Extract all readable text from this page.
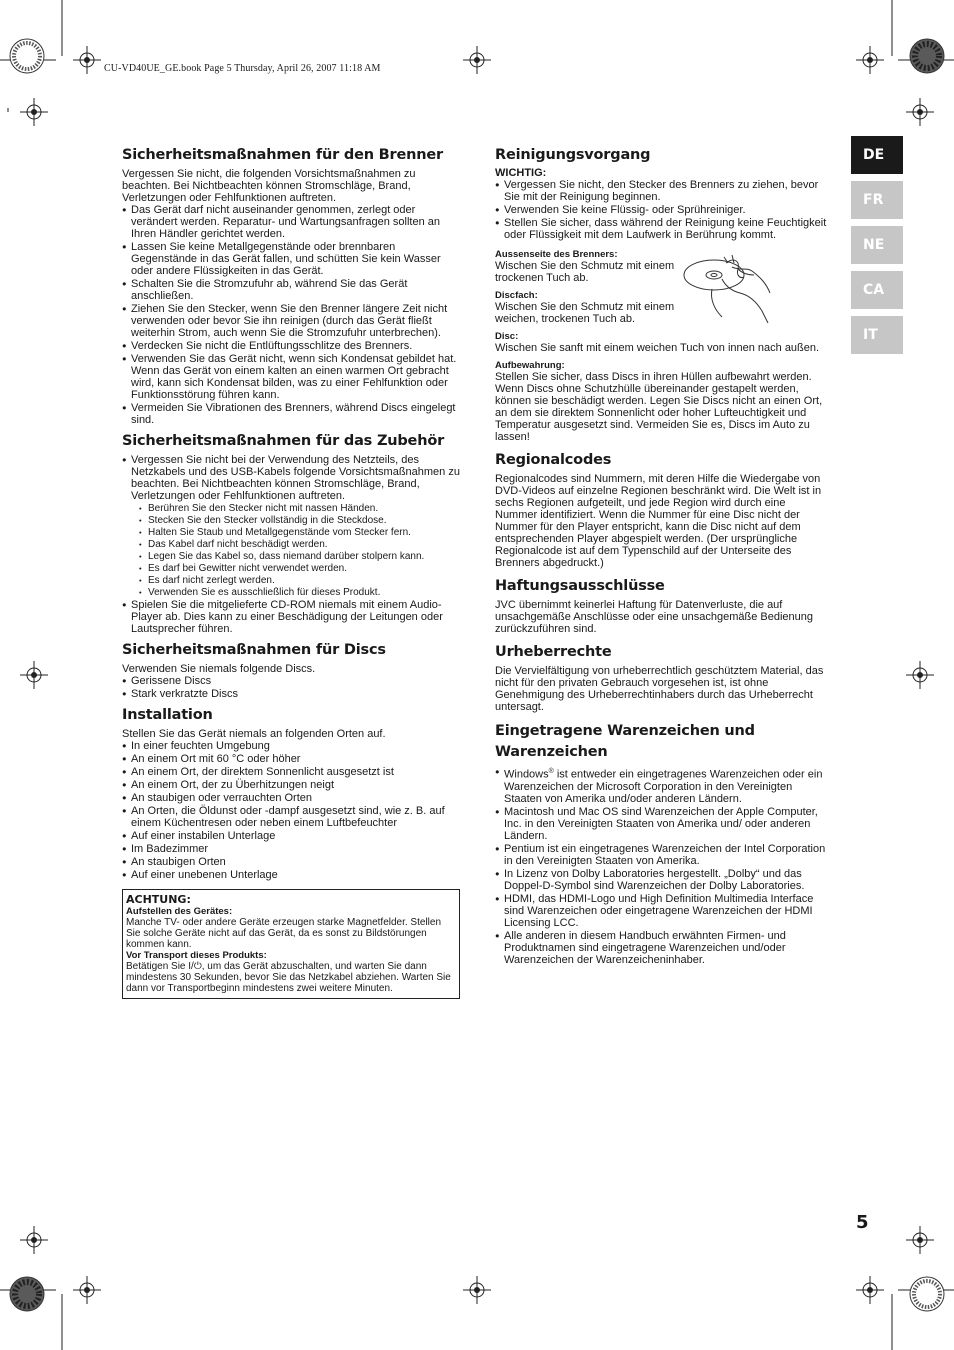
CU-VD40UE_GE.book Page 5 Thursday, April 26, 2007 11:18 AM
Sicherheitsmaßnahmen für den Brenner

Vergessen Sie nicht, die folgenden Vorsichtsmaßnahmen zu beachten. Bei Nichtbeachten können Stromschläge, Brand, Verletzungen oder Fehlfunktionen auftreten.

● Das Gerät darf nicht auseinander genommen, zerlegt oder verändert werden. Reparatur- und Wartungsanfragen sollten an Ihren Händler gerichtet werden.
● Lassen Sie keine Metallgegenstände oder brennbaren Gegenstände in das Gerät fallen, und schütten Sie kein Wasser oder andere Flüssigkeiten in das Gerät.
● Schalten Sie die Stromzufuhr ab, während Sie das Gerät anschließen.
● Ziehen Sie den Stecker, wenn Sie den Brenner längere Zeit nicht verwenden oder bevor Sie ihn reinigen (durch das Gerät fließt weiterhin Strom, auch wenn Sie die Stromzufuhr unterbrechen).
● Verdecken Sie nicht die Entlüftungsschlitze des Brenners.
● Verwenden Sie das Gerät nicht, wenn sich Kondensat gebildet hat. Wenn das Gerät von einem kalten an einen warmen Ort gebracht wird, kann sich Kondensat bilden, was zu einer Fehlfunktion oder Funktionsstörung führen kann.
● Vermeiden Sie Vibrationen des Brenners, während Discs eingelegt sind.
Sicherheitsmaßnahmen für das Zubehör
● Vergessen Sie nicht bei der Verwendung des Netzteils, des Netzkabels und des USB-Kabels folgende Vorsichtsmaßnahmen zu beachten. Bei Nichtbeachten können Stromschläge, Brand, Verletzungen oder Fehlfunktionen auftreten.
• Berühren Sie den Stecker nicht mit nassen Händen.
• Stecken Sie den Stecker vollständig in die Steckdose.
• Halten Sie Staub und Metallgegenstände vom Stecker fern.
• Das Kabel darf nicht beschädigt werden.
• Legen Sie das Kabel so, dass niemand darüber stolpern kann.
• Es darf bei Gewitter nicht verwendet werden.
• Es darf nicht zerlegt werden.
• Verwenden Sie es ausschließlich für dieses Produkt.
● Spielen Sie die mitgelieferte CD-ROM niemals mit einem Audio-Player ab. Dies kann zu einer Beschädigung der Leitungen oder Lautsprecher führen.
Sicherheitsmaßnahmen für Discs

Verwenden Sie niemals folgende Discs.

● Gerissene Discs
● Stark verkratzte Discs
Installation

Stellen Sie das Gerät niemals an folgenden Orten auf.

● In einer feuchten Umgebung
● An einem Ort mit 60 °C oder höher
● An einem Ort, der direktem Sonnenlicht ausgesetzt ist
● An einem Ort, der zu Überhitzungen neigt
● An staubigen oder verrauchten Orten
● An Orten, die Öldunst oder -dampf ausgesetzt sind, wie z. B. auf einem Küchentresen oder neben einem Luftbefeuchter
● Auf einer instabilen Unterlage
● Im Badezimmer
● An staubigen Orten
● Auf einer unebenen Unterlage
ACHTUNG:
Aufstellen des Gerätes:

Manche TV- oder andere Geräte erzeugen starke Magnetfelder. Stellen Sie solche Geräte nicht auf das Gerät, da es sonst zu Bildstörungen kommen kann.

Vor Transport dieses Produkts:

Betätigen Sie I/⏻, um das Gerät abzuschalten, und warten Sie dann mindestens 30 Sekunden, bevor Sie das Netzkabel abziehen. Warten Sie dann vor Transportbeginn mindestens zwei weitere Minuten.

Reinigungsvorgang
WICHTIG:
● Vergessen Sie nicht, den Stecker des Brenners zu ziehen, bevor Sie mit der Reinigung beginnen.
● Verwenden Sie keine Flüssig- oder Sprühreiniger.
● Stellen Sie sicher, dass während der Reinigung keine Feuchtigkeit oder Flüssigkeit mit dem Laufwerk in Berührung kommt.
Aussenseite des Brenners:

Wischen Sie den Schmutz mit einem trockenen Tuch ab.

Discfach:

Wischen Sie den Schmutz mit einem weichen, trockenen Tuch ab.

Disc:

Wischen Sie sanft mit einem weichen Tuch von innen nach außen.

Aufbewahrung:

Stellen Sie sicher, dass Discs in ihren Hüllen aufbewahrt werden. Wenn Discs ohne Schutzhülle übereinander gestapelt werden, können sie beschädigt werden. Legen Sie Discs nicht an einen Ort, an dem sie direktem Sonnenlicht oder hoher Lufteuchtigkeit und Temperatur ausgesetzt sind. Vermeiden Sie es, Discs im Auto zu lassen!

Regionalcodes

Regionalcodes sind Nummern, mit deren Hilfe die Wiedergabe von DVD-Videos auf einzelne Regionen beschränkt wird. Die Welt ist in sechs Regionen aufgeteilt, und jede Region wird durch eine Nummer identifiziert. Wenn die Nummer für eine Disc nicht der Nummer für den Player entspricht, kann die Disc nicht auf dem entsprechenden Player abgespielt werden. (Der ursprüngliche Regionalcode ist auf dem Typenschild auf der Unterseite des Brenners abgedruckt.)

Haftungsausschlüsse

JVC übernimmt keinerlei Haftung für Datenverluste, die auf unsachgemäße Anschlüsse oder eine unsachgemäße Bedienung zurückzuführen sind.

Urheberrechte

Die Vervielfältigung von urheberrechtlich geschütztem Material, das nicht für den privaten Gebrauch vorgesehen ist, ist ohne Genehmigung des Urheberrechtinhabers durch das Urheberrecht untersagt.

Eingetragene Warenzeichen und Warenzeichen
● Windows® ist entweder ein eingetragenes Warenzeichen oder ein Warenzeichen der Microsoft Corporation in den Vereinigten Staaten von Amerika und/oder anderen Ländern.
● Macintosh und Mac OS sind Warenzeichen der Apple Computer, Inc. in den Vereinigten Staaten von Amerika und/ oder anderen Ländern.
● Pentium ist ein eingetragenes Warenzeichen der Intel Corporation in den Vereinigten Staaten von Amerika.
● In Lizenz von Dolby Laboratories hergestellt. „Dolby“ und das Doppel-D-Symbol sind Warenzeichen der Dolby Laboratories.
● HDMI, das HDMI-Logo und High Definition Multimedia Interface sind Warenzeichen oder eingetragene Warenzeichen der HDMI Licensing LCC.
● Alle anderen in diesem Handbuch erwähnten Firmen- und Produktnamen sind eingetragene Warenzeichen und/oder Warenzeichen der Warenzeicheninhaber.
DE
FR
NE
CA
IT
5
